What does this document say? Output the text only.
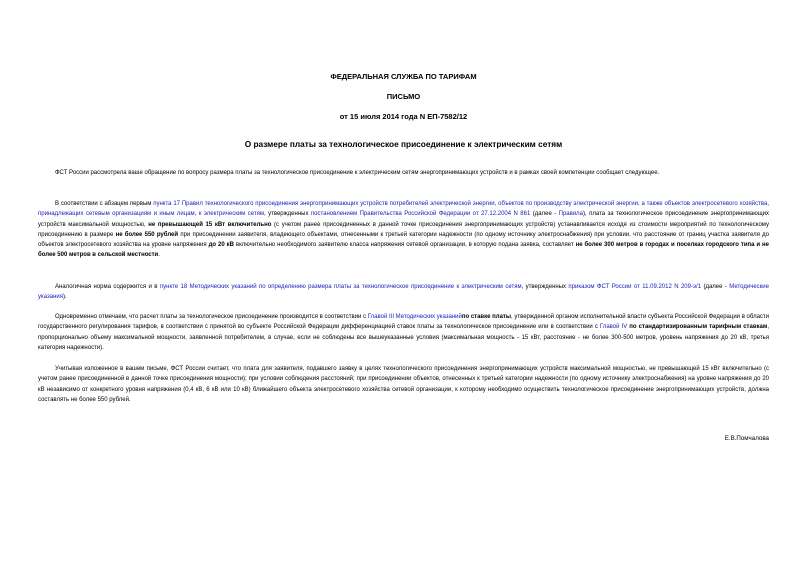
ФЕДЕРАЛЬНАЯ СЛУЖБА ПО ТАРИФАМ
ПИСЬМО
от 15 июля 2014 года N ЕП-7582/12
О размере платы за технологическое присоединение к электрическим сетям
ФСТ России рассмотрела ваше обращение по вопросу размера платы за технологическое присоединение к электрическим сетям энергопринимающих устройств и в рамках своей компетенции сообщает следующее.
В соответствии с абзацем первым пункта 17 Правил технологического присоединения энергопринимающих устройств потребителей электрической энергии, объектов по производству электрической энергии, а также объектов электросетевого хозяйства, принадлежащих сетевым организациям и иным лицам, к электрическим сетям, утвержденных постановлением Правительства Российской Федерации от 27.12.2004 N 861 (далее - Правила), плата за технологическое присоединение энергопринимающих устройств максимальной мощностью, не превышающей 15 кВт включительно (с учетом ранее присоединенных в данной точке присоединения энергопринимающих устройств) устанавливается исходя из стоимости мероприятий по технологическому присоединению в размере не более 550 рублей при присоединении заявителя, владеющего объектами, отнесенными к третьей категории надежности (по одному источнику электроснабжения) при условии, что расстояние от границ участка заявителя до объектов электросетевого хозяйства на уровне напряжения до 20 кВ включительно необходимого заявителю класса напряжения сетевой организации, в которую подана заявка, составляет не более 300 метров в городах и поселках городского типа и не более 500 метров в сельской местности.
Аналогичная норма содержится и в пункте 18 Методических указаний по определению размера платы за технологическое присоединение к электрическим сетям, утвержденных приказом ФСТ России от 11.09.2012 N 209-э/1 (далее - Методические указания).
Одновременно отмечаем, что расчет платы за технологическое присоединение производится в соответствии с Главой III Методических указанийпо ставке платы, утвержденной органом исполнительной власти субъекта Российской Федерации в области государственного регулирования тарифов, в соответствии с принятой во субъекте Российской Федерации дифференциацией ставок платы за технологическое присоединение или в соответствии с Главой IV по стандартизированным тарифным ставкам, пропорционально объему максимальной мощности, заявленной потребителем, в случае, если не соблюдены все вышеуказанные условия (максимальная мощность - 15 кВт, расстояние - не более 300-500 метров, уровень напряжения до 20 кВ, третья категория надежности).
Учитывая изложенное в вашем письме, ФСТ России считает, что плата для заявителя, подавшего заявку в целях технологического присоединения энергопринимающих устройств максимальной мощностью, не превышающей 15 кВт включительно (с учетом ранее присоединенной в данной точке присоединения мощности); при условии соблюдения расстояний; при присоединении объектов, отнесенных к третьей категории надежности (по одному источнику электроснабжения) на уровне напряжения до 20 кВ независимо от конкретного уровня напряжения (0,4 кВ, 6 кВ или 10 кВ) ближайшего объекта электросетевого хозяйства сетевой организации, к которому необходимо осуществить технологическое присоединение энергопринимающих устройств, должна составлять не более 550 рублей.
Е.В.Помчалова
